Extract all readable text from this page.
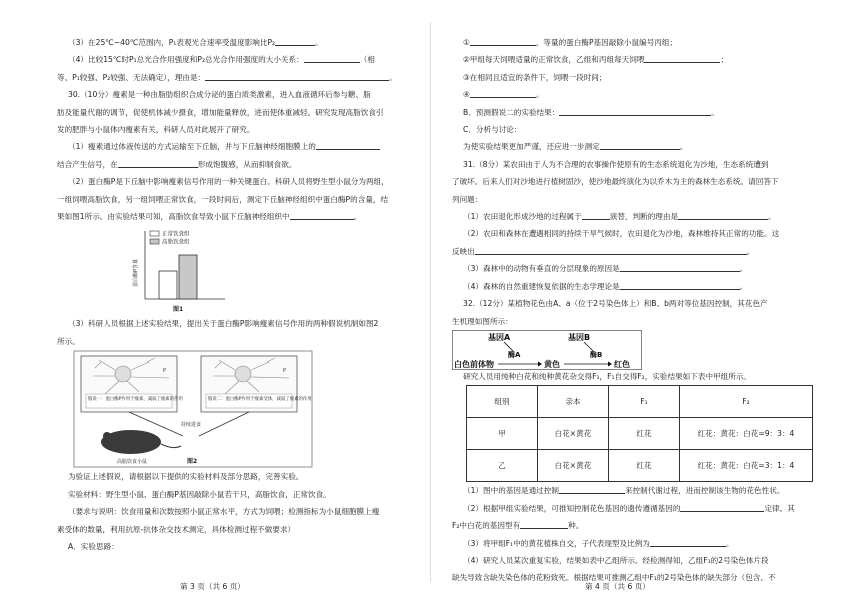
（3）在25℃~40℃范围内，P₁表观光合速率受温度影响比P₂	。
（4）比较15℃时P₁总光合作用强度和P₂总光合作用强度的大小关系：	（相
等、P₁较强、P₂较强、无法确定），理由是：	。
30.（10分）瘦素是一种由脂肪组织合成分泌的蛋白质类激素，进入血液循环后参与糖、脂
肪及能量代谢的调节，促使机体减少摄食，增加能量释放，进而使体重减轻。研究发现高脂饮食引
发的肥胖与小鼠体内瘦素有关，科研人员对此展开了研究。
（1）瘦素通过体液传送的方式运输至下丘脑，并与下丘脑神经细胞膜上的
结合产生信号，在	形成饱腹感，从而抑制食欲。
（2）蛋白酶P是下丘脑中影响瘦素信号作用的一种关键蛋白。科研人员将野生型小鼠分为两组，
一组饲喂高脂饮食，另一组饲喂正常饮食，一段时间后，测定下丘脑神经组织中蛋白酶P的含量，结
果如图1所示。由实验结果可知，高脂饮食导致小鼠下丘脑神经组织中	。
正常饮食组
高脂饮食组
蛋白酶P含量
图1
（3）科研人员根据上述实验结果，提出关于蛋白酶P影响瘦素信号作用的两种假说机制如图2
所示。
P
假说一：蛋白酶P作用于瘦素，减弱了瘦素的作用
P
假说二：蛋白酶P作用于瘦素受体，减弱了瘦素的作用
持续进食
高脂饮食小鼠	图2
为验证上述假说，请根据以下提供的实验材料及部分思路，完善实验。
实验材料：野生型小鼠、蛋白酶P基因敲除小鼠若干只，高脂饮食，正常饮食。
（要求与说明：饮食用量和次数按照小鼠正常水平，方式为饲喂；检测指标为小鼠细胞膜上瘦
素受体的数量，利用抗原-抗体杂交技术测定，具体检测过程不做要求）
A．实验思路：
①	，等量的蛋白酶P基因敲除小鼠编号丙组；
②甲组每天饲喂适量的正常饮食，乙组和丙组每天饲喂	；
③在相同且适宜的条件下，饲喂一段时间；
④	。
B．预测假说二的实验结果：	。
C．分析与讨论：
为使实验结果更加严谨，还应进一步测定	。
31.（8分）某农田由于人为不合理的农事操作使原有的生态系统退化为沙地，生态系统遭到
了破坏。后来人们对沙地进行植树固沙，使沙地最终演化为以乔木为主的森林生态系统。请回答下
列问题：
（1）农田退化形成沙地的过程属于	演替，判断的理由是	。
（2）农田和森林在遭遇相同的持续干旱气候时，农田退化为沙地，森林维持其正常的功能。这
反映出	。
（3）森林中的动物有垂直的分层现象的原因是	。
（4）森林的自然重建恢复依据的生态学理论是	。
32.（12分）某植物花色由A、a（位于2号染色体上）和B、b两对等位基因控制，其花色产
生机理如图所示：
基因A	基因B
酶A	酶B
白色前体物	黄色	红色
研究人员用纯种白花和纯种黄花杂交得F₁，F₁自交得F₂，实验结果如下表中甲组所示。
组别	亲本	F₁	F₂
甲	白花×黄花	红花	红花：黄花：白花=9：3：4
乙	白花×黄花	红花	红花：黄花：白花=3：1：4
（1）图中的基因是通过控制	来控制代谢过程，进而控制该生物的花色性状。
（2）根据甲组实验结果，可推知控制花色基因的遗传遵循基因的	定律。其
F₂中白花的基因型有	种。
（3）将甲组F₁中的黄花植株自交，子代表现型及比例为	。
（4）研究人员某次重复实验，结果如表中乙组所示。经检测得知，乙组F₁的2号染色体片段
缺失导致含缺失染色体的花粉致死。根据结果可推测乙组中F₁的2号染色体的缺失部分（包含、不
第 3 页（共 6 页）	第 4 页（共 6 页）
